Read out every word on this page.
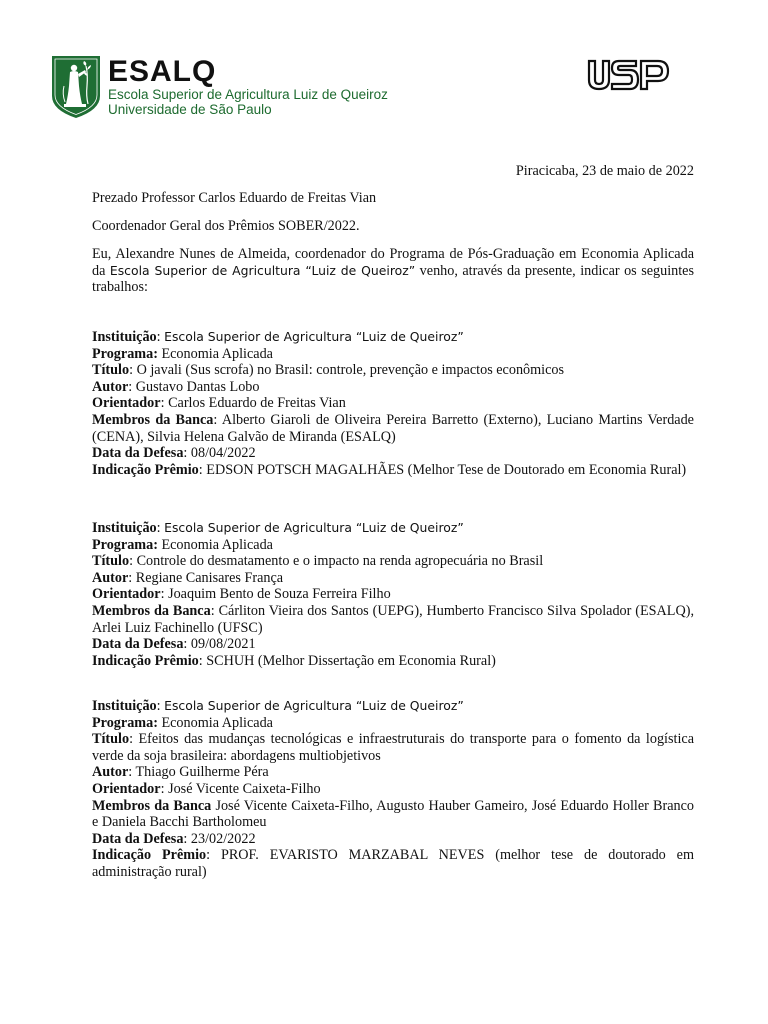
ESALQ
Escola Superior de Agricultura Luiz de Queiroz
Universidade de São Paulo
Piracicaba, 23 de maio de 2022
Prezado Professor Carlos Eduardo de Freitas Vian
Coordenador Geral dos Prêmios SOBER/2022.
Eu, Alexandre Nunes de Almeida, coordenador do Programa de Pós-Graduação em Economia Aplicada da Escola Superior de Agricultura “Luiz de Queiroz” venho, através da presente, indicar os seguintes trabalhos:
Instituição: Escola Superior de Agricultura “Luiz de Queiroz”
Programa: Economia Aplicada
Título: O javali (Sus scrofa) no Brasil: controle, prevenção e impactos econômicos
Autor: Gustavo Dantas Lobo
Orientador: Carlos Eduardo de Freitas Vian
Membros da Banca: Alberto Giaroli de Oliveira Pereira Barretto (Externo), Luciano Martins Verdade (CENA), Silvia Helena Galvão de Miranda (ESALQ)
Data da Defesa: 08/04/2022
Indicação Prêmio: EDSON POTSCH MAGALHÃES (Melhor Tese de Doutorado em Economia Rural)
Instituição: Escola Superior de Agricultura “Luiz de Queiroz”
Programa: Economia Aplicada
Título: Controle do desmatamento e o impacto na renda agropecuária no Brasil
Autor: Regiane Canisares França
Orientador: Joaquim Bento de Souza Ferreira Filho
Membros da Banca: Cárliton Vieira dos Santos (UEPG), Humberto Francisco Silva Spolador (ESALQ), Arlei Luiz Fachinello (UFSC)
Data da Defesa: 09/08/2021
Indicação Prêmio: SCHUH (Melhor Dissertação em Economia Rural)
Instituição: Escola Superior de Agricultura “Luiz de Queiroz”
Programa: Economia Aplicada
Título: Efeitos das mudanças tecnológicas e infraestruturais do transporte para o fomento da logística verde da soja brasileira: abordagens multiobjetivos
Autor: Thiago Guilherme Péra
Orientador: José Vicente Caixeta-Filho
Membros da Banca José Vicente Caixeta-Filho, Augusto Hauber Gameiro, José Eduardo Holler Branco e Daniela Bacchi Bartholomeu
Data da Defesa: 23/02/2022
Indicação Prêmio: PROF. EVARISTO MARZABAL NEVES (melhor tese de doutorado em administração rural)
